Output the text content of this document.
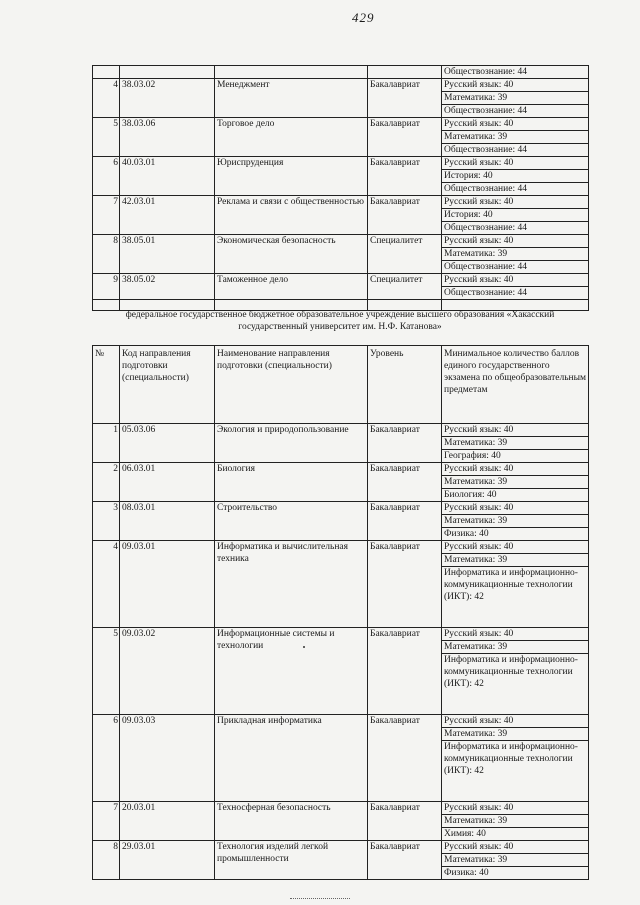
429
				Обществознание: 44
4	38.03.02	Менеджмент	Бакалавриат	Русский язык: 40
				Математика: 39
				Обществознание: 44
5	38.03.06	Торговое дело	Бакалавриат	Русский язык: 40
				Математика: 39
				Обществознание: 44
6	40.03.01	Юриспруденция	Бакалавриат	Русский язык: 40
				История: 40
				Обществознание: 44
7	42.03.01	Реклама и связи с общественностью	Бакалавриат	Русский язык: 40
				История: 40
				Обществознание: 44
8	38.05.01	Экономическая безопасность	Специалитет	Русский язык: 40
				Математика: 39
				Обществознание: 44
9	38.05.02	Таможенное дело	Специалитет	Русский язык: 40
				Обществознание: 44

федеральное государственное бюджетное образовательное учреждение высшего образования «Хакасский государственный университет им. Н.Ф. Катанова»
№	Код направления подготовки (специальности)	Наименование направления подготовки (специальности)	Уровень	Минимальное количество баллов единого государственного экзамена по общеобразовательным предметам
1	05.03.06	Экология и природопользование	Бакалавриат	Русский язык: 40
				Математика: 39
				География: 40
2	06.03.01	Биология	Бакалавриат	Русский язык: 40
				Математика: 39
				Биология: 40
3	08.03.01	Строительство	Бакалавриат	Русский язык: 40
				Математика: 39
				Физика: 40
4	09.03.01	Информатика и вычислительная техника	Бакалавриат	Русский язык: 40
				Математика: 39
				Информатика и информационно-коммуникационные технологии (ИКТ): 42
5	09.03.02	Информационные системы и технологии	Бакалавриат	Русский язык: 40
				Математика: 39
				Информатика и информационно-коммуникационные технологии (ИКТ): 42
6	09.03.03	Прикладная информатика	Бакалавриат	Русский язык: 40
				Математика: 39
				Информатика и информационно-коммуникационные технологии (ИКТ): 42
7	20.03.01	Техносферная безопасность	Бакалавриат	Русский язык: 40
				Математика: 39
				Химия: 40
8	29.03.01	Технология изделий легкой промышленности	Бакалавриат	Русский язык: 40
				Математика: 39
				Физика: 40
